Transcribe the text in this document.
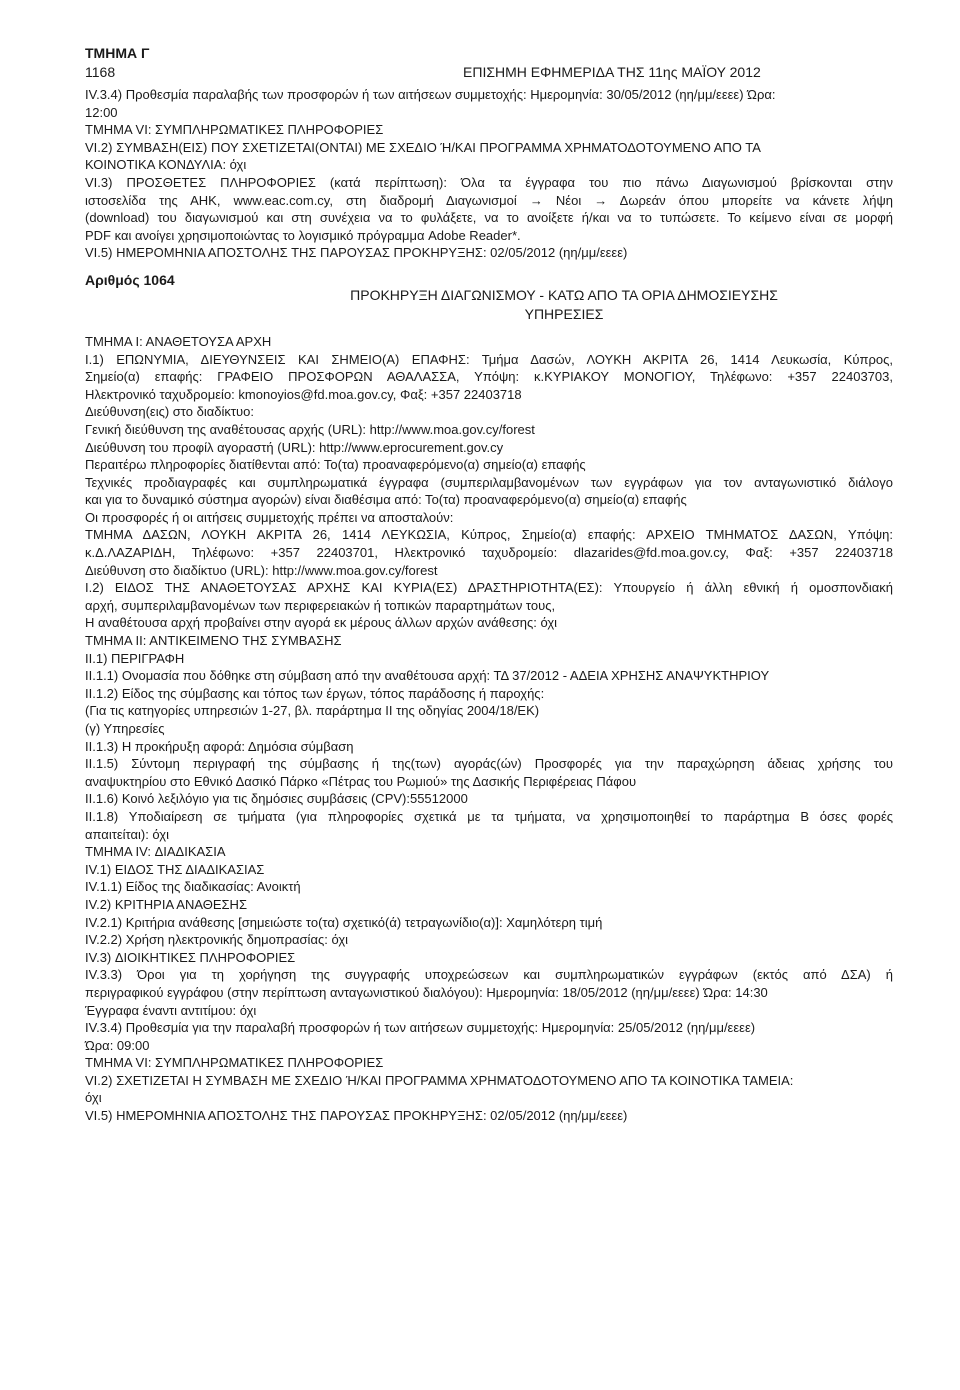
ΤΜΗΜΑ Γ
1168	ΕΠΙΣΗΜΗ ΕΦΗΜΕΡΙΔΑ ΤΗΣ 11ης ΜΑΪΟΥ 2012
IV.3.4) Προθεσμία παραλαβής των προσφορών ή των αιτήσεων συμμετοχής: Ημερομηνία: 30/05/2012 (ηη/μμ/εεεε) Ώρα:
12:00
ΤΜΗΜΑ VI: ΣΥΜΠΛΗΡΩΜΑΤΙΚΕΣ ΠΛΗΡΟΦΟΡΙΕΣ
VI.2) ΣΥΜΒΑΣΗ(ΕΙΣ) ΠΟΥ ΣΧΕΤΙΖΕΤΑΙ(ΟΝΤΑΙ) ΜΕ ΣΧΕΔΙΟ Ή/ΚΑΙ ΠΡΟΓΡΑΜΜΑ ΧΡΗΜΑΤΟΔΟΤΟΥΜΕΝΟ ΑΠΟ ΤΑ
ΚΟΙΝΟΤΙΚΑ ΚΟΝΔΥΛΙΑ: όχι
VI.3) ΠΡΟΣΘΕΤΕΣ ΠΛΗΡΟΦΟΡΙΕΣ (κατά περίπτωση): Όλα τα έγγραφα του πιο πάνω Διαγωνισμού βρίσκονται στην
ιστοσελίδα της ΑΗΚ, www.eac.com.cy, στη διαδρομή Διαγωνισμοί → Νέοι → Δωρεάν όπου μπορείτε να κάνετε λήψη
(download) του διαγωνισμού και στη συνέχεια να το φυλάξετε, να το ανοίξετε ή/και να το τυπώσετε. Το κείμενο είναι σε μορφή
PDF και ανοίγει χρησιμοποιώντας το λογισμικό πρόγραμμα Adobe Reader*.
VI.5) ΗΜΕΡΟΜΗΝΙΑ ΑΠΟΣΤΟΛΗΣ ΤΗΣ ΠΑΡΟΥΣΑΣ ΠΡΟΚΗΡΥΞΗΣ: 02/05/2012 (ηη/μμ/εεεε)
Αριθμός 1064
ΠΡΟΚΗΡΥΞΗ ΔΙΑΓΩΝΙΣΜΟΥ - ΚΑΤΩ ΑΠΟ ΤΑ ΟΡΙΑ ΔΗΜΟΣΙΕΥΣΗΣ
ΥΠΗΡΕΣΙΕΣ
ΤΜΗΜΑ Ι: ΑΝΑΘΕΤΟΥΣΑ ΑΡΧΗ
Ι.1) ΕΠΩΝΥΜΙΑ, ΔΙΕΥΘΥΝΣΕΙΣ ΚΑΙ ΣΗΜΕΙΟ(Α) ΕΠΑΦΗΣ: Τμήμα Δασών, ΛΟΥΚΗ ΑΚΡΙΤΑ 26, 1414 Λευκωσία, Κύπρος,
Σημείο(α) επαφής: ΓΡΑΦΕΙΟ ΠΡΟΣΦΟΡΩΝ ΑΘΑΛΑΣΣΑ, Υπόψη: κ.ΚΥΡΙΑΚΟΥ ΜΟΝΟΓΙΟΥ, Τηλέφωνο: +357 22403703,
Ηλεκτρονικό ταχυδρομείο: kmonoyios@fd.moa.gov.cy, Φαξ: +357 22403718
Διεύθυνση(εις) στο διαδίκτυο:
Γενική διεύθυνση της αναθέτουσας αρχής (URL): http://www.moa.gov.cy/forest
Διεύθυνση του προφίλ αγοραστή (URL): http://www.eprocurement.gov.cy
Περαιτέρω πληροφορίες διατίθενται από: Το(τα) προαναφερόμενο(α) σημείο(α) επαφής
Τεχνικές προδιαγραφές και συμπληρωματικά έγγραφα (συμπεριλαμβανομένων των εγγράφων για τον ανταγωνιστικό διάλογο
και για το δυναμικό σύστημα αγορών) είναι διαθέσιμα από: Το(τα) προαναφερόμενο(α) σημείο(α) επαφής
Οι προσφορές ή οι αιτήσεις συμμετοχής πρέπει να αποσταλούν:
ΤΜΗΜΑ ΔΑΣΩΝ, ΛΟΥΚΗ ΑΚΡΙΤΑ 26, 1414 ΛΕΥΚΩΣΙΑ, Κύπρος, Σημείο(α) επαφής: ΑΡΧΕΙΟ ΤΜΗΜΑΤΟΣ ΔΑΣΩΝ, Υπόψη:
κ.Δ.ΛΑΖΑΡΙΔΗ, Τηλέφωνο: +357 22403701, Ηλεκτρονικό ταχυδρομείο: dlazarides@fd.moa.gov.cy, Φαξ: +357 22403718
Διεύθυνση στο διαδίκτυο (URL): http://www.moa.gov.cy/forest
Ι.2) ΕΙΔΟΣ ΤΗΣ ΑΝΑΘΕΤΟΥΣΑΣ ΑΡΧΗΣ ΚΑΙ ΚΥΡΙΑ(ΕΣ) ΔΡΑΣΤΗΡΙΟΤΗΤΑ(ΕΣ): Υπουργείο ή άλλη εθνική ή ομοσπονδιακή
αρχή, συμπεριλαμβανομένων των περιφερειακών ή τοπικών παραρτημάτων τους,
Η αναθέτουσα αρχή προβαίνει στην αγορά εκ μέρους άλλων αρχών ανάθεσης: όχι
ΤΜΗΜΑ ΙΙ: ΑΝΤΙΚΕΙΜΕΝΟ ΤΗΣ ΣΥΜΒΑΣΗΣ
ΙΙ.1) ΠΕΡΙΓΡΑΦΗ
ΙΙ.1.1) Ονομασία που δόθηκε στη σύμβαση από την αναθέτουσα αρχή: ΤΔ 37/2012 - ΑΔΕΙΑ ΧΡΗΣΗΣ ΑΝΑΨΥΚΤΗΡΙΟΥ
ΙΙ.1.2) Είδος της σύμβασης και τόπος των έργων, τόπος παράδοσης ή παροχής:
(Για τις κατηγορίες υπηρεσιών 1-27, βλ. παράρτημα ΙΙ της οδηγίας 2004/18/ΕΚ)
(γ) Υπηρεσίες
ΙΙ.1.3) Η προκήρυξη αφορά: Δημόσια σύμβαση
ΙΙ.1.5) Σύντομη περιγραφή της σύμβασης ή της(των) αγοράς(ών) Προσφορές για την παραχώρηση άδειας χρήσης του
αναψυκτηρίου στο Εθνικό Δασικό Πάρκο «Πέτρας του Ρωμιού» της Δασικής Περιφέρειας Πάφου
ΙΙ.1.6) Κοινό λεξιλόγιο για τις δημόσιες συμβάσεις (CPV):55512000
ΙΙ.1.8) Υποδιαίρεση σε τμήματα (για πληροφορίες σχετικά με τα τμήματα, να χρησιμοποιηθεί το παράρτημα Β όσες φορές
απαιτείται): όχι
ΤΜΗΜΑ ΙV: ΔΙΑΔΙΚΑΣΙΑ
IV.1) ΕΙΔΟΣ ΤΗΣ ΔΙΑΔΙΚΑΣΙΑΣ
IV.1.1) Είδος της διαδικασίας: Ανοικτή
IV.2) ΚΡΙΤΗΡΙΑ ΑΝΑΘΕΣΗΣ
IV.2.1) Κριτήρια ανάθεσης [σημειώστε το(τα) σχετικό(ά) τετραγωνίδιο(α)]: Χαμηλότερη τιμή
IV.2.2) Χρήση ηλεκτρονικής δημοπρασίας: όχι
IV.3) ΔΙΟΙΚΗΤΙΚΕΣ ΠΛΗΡΟΦΟΡΙΕΣ
IV.3.3) Όροι για τη χορήγηση της συγγραφής υποχρεώσεων και συμπληρωματικών εγγράφων (εκτός από ΔΣΑ) ή
περιγραφικού εγγράφου (στην περίπτωση ανταγωνιστικού διαλόγου): Ημερομηνία: 18/05/2012 (ηη/μμ/εεεε) Ώρα: 14:30
Έγγραφα έναντι αντιτίμου: όχι
IV.3.4) Προθεσμία για την παραλαβή προσφορών ή των αιτήσεων συμμετοχής: Ημερομηνία: 25/05/2012 (ηη/μμ/εεεε)
Ώρα: 09:00
ΤΜΗΜΑ VI: ΣΥΜΠΛΗΡΩΜΑΤΙΚΕΣ ΠΛΗΡΟΦΟΡΙΕΣ
VI.2) ΣΧΕΤΙΖΕΤΑΙ Η ΣΥΜΒΑΣΗ ΜΕ ΣΧΕΔΙΟ Ή/ΚΑΙ ΠΡΟΓΡΑΜΜΑ ΧΡΗΜΑΤΟΔΟΤΟΥΜΕΝΟ ΑΠΟ ΤΑ ΚΟΙΝΟΤΙΚΑ ΤΑΜΕΙΑ:
όχι
VI.5) ΗΜΕΡΟΜΗΝΙΑ ΑΠΟΣΤΟΛΗΣ ΤΗΣ ΠΑΡΟΥΣΑΣ ΠΡΟΚΗΡΥΞΗΣ: 02/05/2012 (ηη/μμ/εεεε)
